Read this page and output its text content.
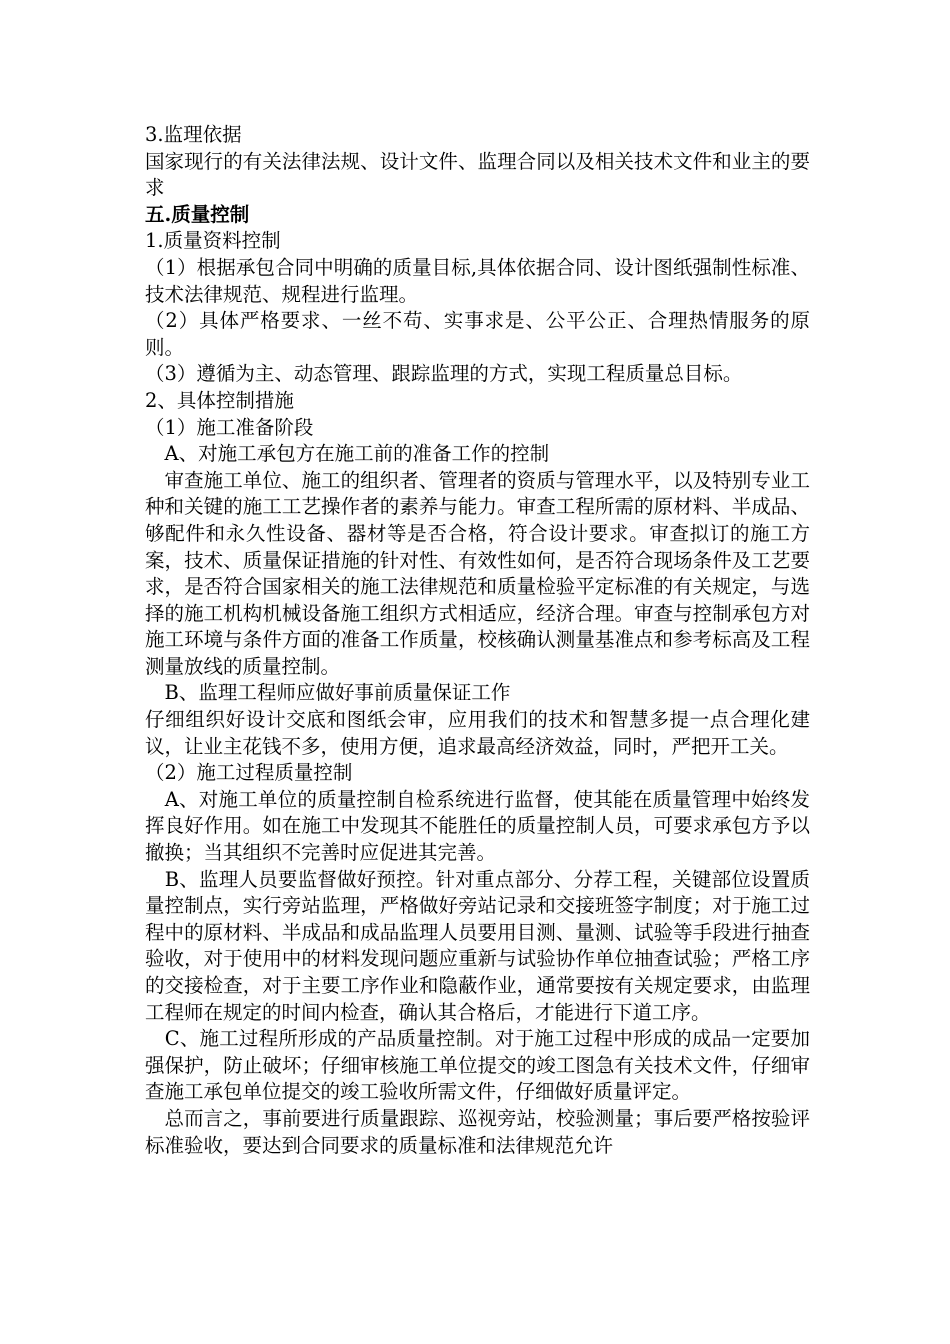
3.监理依据

国家现行的有关法律法规、设计文件、监理合同以及相关技术文件和业主的要求

五.质量控制

1.质量资料控制

（1）根据承包合同中明确的质量目标,具体依据合同、设计图纸强制性标准、技术法律规范、规程进行监理。

（2）具体严格要求、一丝不苟、实事求是、公平公正、合理热情服务的原则。

（3）遵循为主、动态管理、跟踪监理的方式，实现工程质量总目标。

2、具体控制措施

（1）施工准备阶段

　A、对施工承包方在施工前的准备工作的控制

　审查施工单位、施工的组织者、管理者的资质与管理水平，以及特别专业工种和关键的施工工艺操作者的素养与能力。审查工程所需的原材料、半成品、够配件和永久性设备、器材等是否合格，符合设计要求。审查拟订的施工方案，技术、质量保证措施的针对性、有效性如何，是否符合现场条件及工艺要求，是否符合国家相关的施工法律规范和质量检验平定标准的有关规定，与选择的施工机构机械设备施工组织方式相适应，经济合理。审查与控制承包方对施工环境与条件方面的准备工作质量，校核确认测量基准点和参考标高及工程测量放线的质量控制。

　B、监理工程师应做好事前质量保证工作

仔细组织好设计交底和图纸会审，应用我们的技术和智慧多提一点合理化建议，让业主花钱不多，使用方便，追求最高经济效益，同时，严把开工关。

（2）施工过程质量控制

　A、对施工单位的质量控制自检系统进行监督，使其能在质量管理中始终发挥良好作用。如在施工中发现其不能胜任的质量控制人员，可要求承包方予以撤换；当其组织不完善时应促进其完善。

　B、监理人员要监督做好预控。针对重点部分、分荐工程，关键部位设置质量控制点，实行旁站监理，严格做好旁站记录和交接班签字制度；对于施工过程中的原材料、半成品和成品监理人员要用目测、量测、试验等手段进行抽查验收，对于使用中的材料发现问题应重新与试验协作单位抽查试验；严格工序的交接检查，对于主要工序作业和隐蔽作业，通常要按有关规定要求，由监理工程师在规定的时间内检查，确认其合格后，才能进行下道工序。

　C、施工过程所形成的产品质量控制。对于施工过程中形成的成品一定要加强保护，防止破坏；仔细审核施工单位提交的竣工图急有关技术文件，仔细审查施工承包单位提交的竣工验收所需文件，仔细做好质量评定。

　总而言之，事前要进行质量跟踪、巡视旁站，校验测量；事后要严格按验评标准验收，要达到合同要求的质量标准和法律规范允许
